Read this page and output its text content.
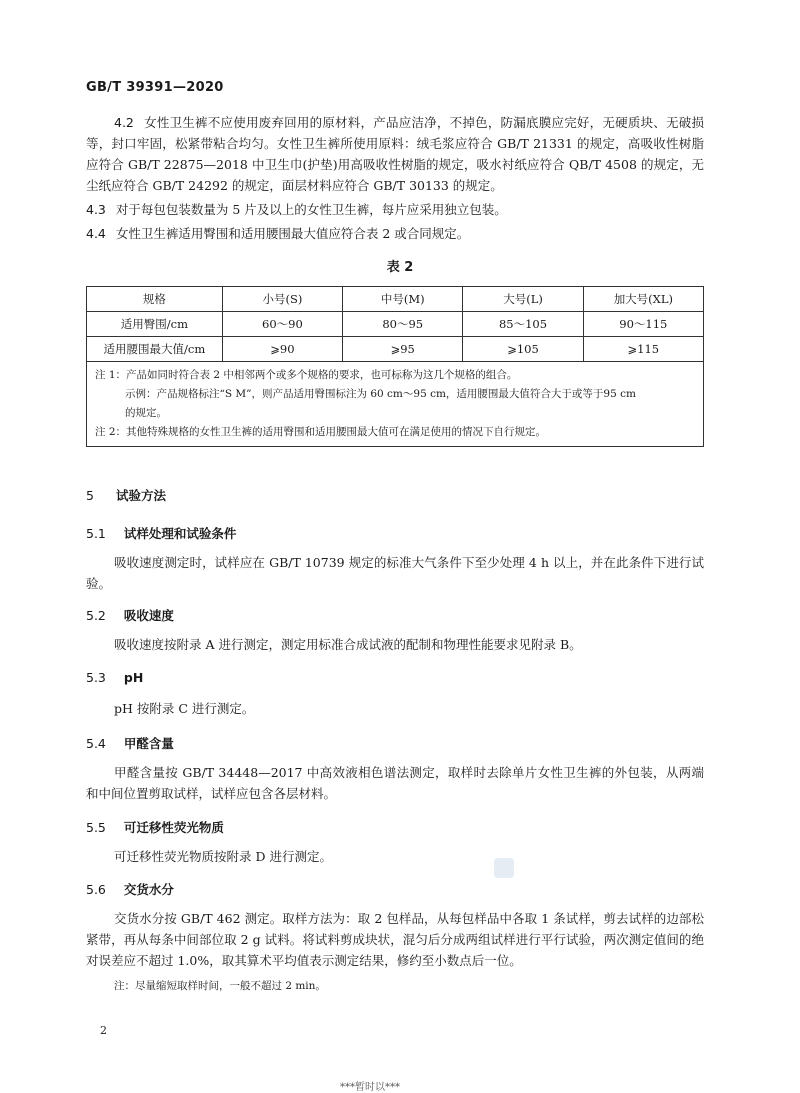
GB/T 39391—2020
4.2 女性卫生裤不应使用废弃回用的原材料，产品应洁净，不掉色，防漏底膜应完好，无硬质块、无破损等，封口牢固，松紧带粘合均匀。女性卫生裤所使用原料：绒毛浆应符合 GB/T 21331 的规定，高吸收性树脂应符合 GB/T 22875—2018 中卫生巾(护垫)用高吸收性树脂的规定，吸水衬纸应符合 QB/T 4508 的规定，无尘纸应符合 GB/T 24292 的规定，面层材料应符合 GB/T 30133 的规定。
4.3 对于每包包装数量为 5 片及以上的女性卫生裤，每片应采用独立包装。
4.4 女性卫生裤适用臀围和适用腰围最大值应符合表 2 或合同规定。
表 2
规格	小号(S)	中号(M)	大号(L)	加大号(XL)
适用臀围/cm	60～90	80～95	85～105	90～115
适用腰围最大值/cm	⩾90	⩾95	⩾105	⩾115

注 1：产品如同时符合表 2 中相邻两个或多个规格的要求，也可标称为这几个规格的组合。
示例：产品规格标注“S M”，则产品适用臀围标注为 60 cm～95 cm，适用腰围最大值符合大于或等于95 cm
的规定。
注 2：其他特殊规格的女性卫生裤的适用臀围和适用腰围最大值可在满足使用的情况下自行规定。				
5 试验方法
5.1 试样处理和试验条件
吸收速度测定时，试样应在 GB/T 10739 规定的标准大气条件下至少处理 4 h 以上，并在此条件下进行试验。
5.2 吸收速度
吸收速度按附录 A 进行测定，测定用标准合成试液的配制和物理性能要求见附录 B。
5.3 pH
pH 按附录 C 进行测定。
5.4 甲醛含量
甲醛含量按 GB/T 34448—2017 中高效液相色谱法测定，取样时去除单片女性卫生裤的外包装，从两端和中间位置剪取试样，试样应包含各层材料。
5.5 可迁移性荧光物质
可迁移性荧光物质按附录 D 进行测定。
5.6 交货水分
交货水分按 GB/T 462 测定。取样方法为：取 2 包样品，从每包样品中各取 1 条试样，剪去试样的边部松紧带，再从每条中间部位取 2 g 试料。将试料剪成块状，混匀后分成两组试样进行平行试验，两次测定值间的绝对误差应不超过 1.0%，取其算术平均值表示测定结果，修约至小数点后一位。
注：尽量缩短取样时间，一般不超过 2 min。
2
***暂时以***
